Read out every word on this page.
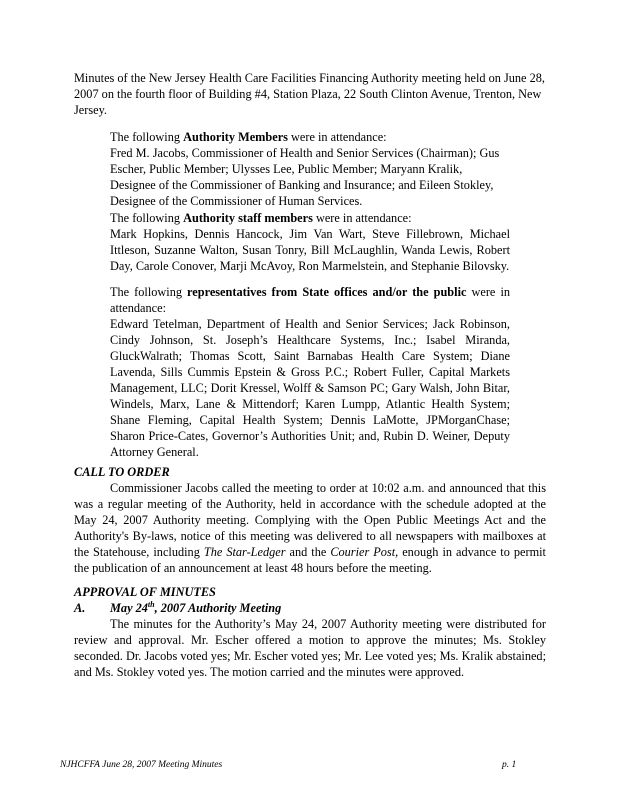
Minutes of the New Jersey Health Care Facilities Financing Authority meeting held on June 28, 2007 on the fourth floor of Building #4, Station Plaza, 22 South Clinton Avenue, Trenton, New Jersey.

The following Authority Members were in attendance:
Fred M. Jacobs, Commissioner of Health and Senior Services (Chairman); Gus Escher, Public Member; Ulysses Lee, Public Member; Maryann Kralik, Designee of the Commissioner of Banking and Insurance; and Eileen Stokley, Designee of the Commissioner of Human Services.
The following Authority staff members were in attendance:
Mark Hopkins, Dennis Hancock, Jim Van Wart, Steve Fillebrown, Michael Ittleson, Suzanne Walton, Susan Tonry, Bill McLaughlin, Wanda Lewis, Robert Day, Carole Conover, Marji McAvoy, Ron Marmelstein, and Stephanie Bilovsky.
The following representatives from State offices and/or the public were in attendance:
Edward Tetelman, Department of Health and Senior Services; Jack Robinson, Cindy Johnson, St. Joseph’s Healthcare Systems, Inc.; Isabel Miranda, GluckWalrath; Thomas Scott, Saint Barnabas Health Care System; Diane Lavenda, Sills Cummis Epstein & Gross P.C.; Robert Fuller, Capital Markets Management, LLC; Dorit Kressel, Wolff & Samson PC; Gary Walsh, John Bitar, Windels, Marx, Lane & Mittendorf; Karen Lumpp, Atlantic Health System; Shane Fleming, Capital Health System; Dennis LaMotte, JPMorganChase; Sharon Price-Cates, Governor’s Authorities Unit; and, Rubin D. Weiner, Deputy Attorney General.
CALL TO ORDER

Commissioner Jacobs called the meeting to order at 10:02 a.m. and announced that this was a regular meeting of the Authority, held in accordance with the schedule adopted at the May 24, 2007 Authority meeting. Complying with the Open Public Meetings Act and the Authority's By-laws, notice of this meeting was delivered to all newspapers with mailboxes at the Statehouse, including The Star-Ledger and the Courier Post, enough in advance to permit the publication of an announcement at least 48 hours before the meeting.

APPROVAL OF MINUTES
A. May 24th, 2007 Authority Meeting

The minutes for the Authority’s May 24, 2007 Authority meeting were distributed for review and approval. Mr. Escher offered a motion to approve the minutes; Ms. Stokley seconded. Dr. Jacobs voted yes; Mr. Escher voted yes; Mr. Lee voted yes; Ms. Kralik abstained; and Ms. Stokley voted yes. The motion carried and the minutes were approved.

NJHCFFA June 28, 2007 Meeting Minutes	p. 1
